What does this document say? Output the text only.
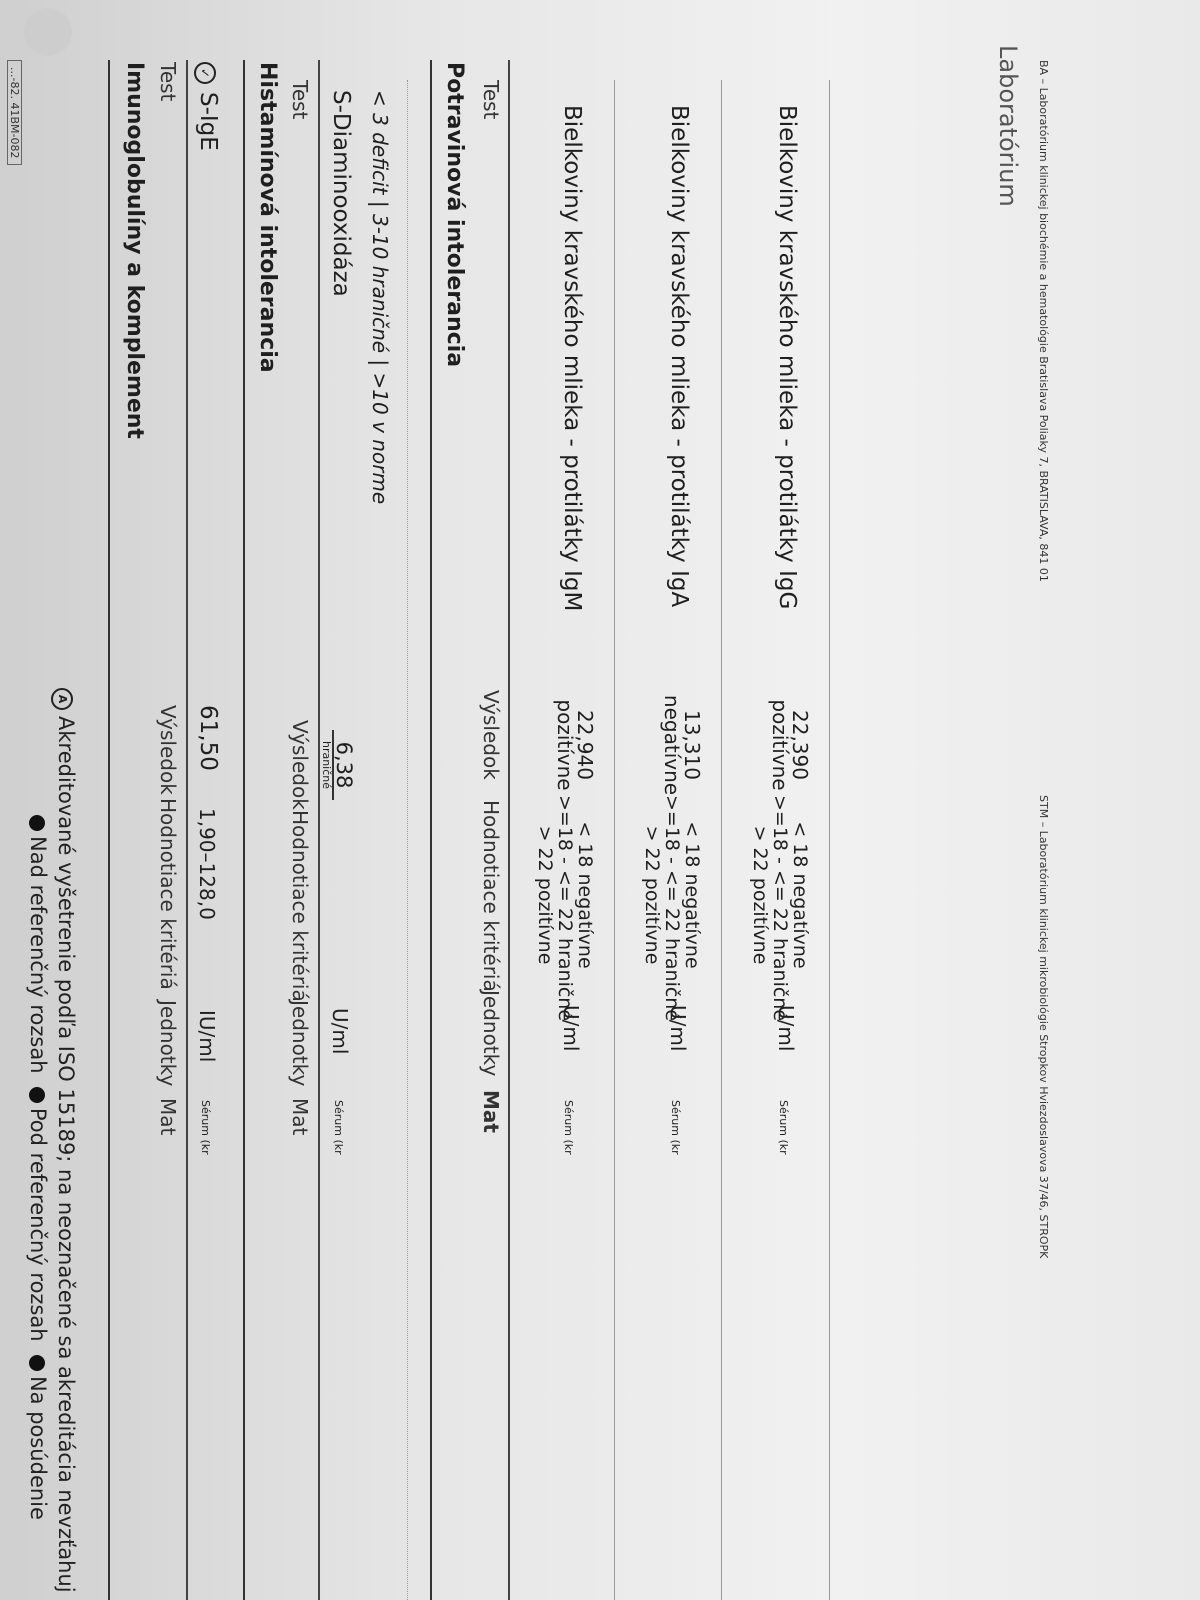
...-82. 41BM-082
Nad referenčný rozsah  Pod referenčný rozsah  Na posúdenie
AAkreditované vyšetrenie podľa ISO 15189; na neoznačené sa akreditácia nevzťahuj
Imunoglobulíny a komplement Test
Výsledok
Hodnotiace kritériá
Jednotky
Mat
✓S-IgE
61,50
1,90–128,0
IU/ml
Sérum (kr
Histamínová intolerancia Test
Výsledok
Hodnotiace kritériá
Jednotky
Mat
S-Diaminooxidáza
6,38
hraničné
U/ml
Sérum (kr
< 3 deficit | 3-10 hraničné | >10 v norme Potravinová intolerancia Test
Výsledok
Hodnotiace kritériá
Jednotky
Mat
Bielkoviny kravského mlieka - protilátky IgM
22,940
pozitívne
< 18 negatívne
>=18 - <= 22 hraničné
> 22 pozitívne
U/ml
Sérum (kr
Bielkoviny kravského mlieka - protilátky IgA
13,310
negatívne
< 18 negatívne
>=18 - <= 22 hraničné
> 22 pozitívne
U/ml
Sérum (kr
Bielkoviny kravského mlieka - protilátky IgG
22,390
pozitívne
< 18 negatívne
>=18 - <= 22 hraničné
> 22 pozitívne
U/ml
Sérum (kr
Laboratórium BA – Laboratórium klinickej biochémie a hematológie Bratislava Poliaky 7, BRATISLAVA, 841 01
STM – Laboratórium klinickej mikrobiológie Stropkov Hviezdoslavova 37/46, STROPK
